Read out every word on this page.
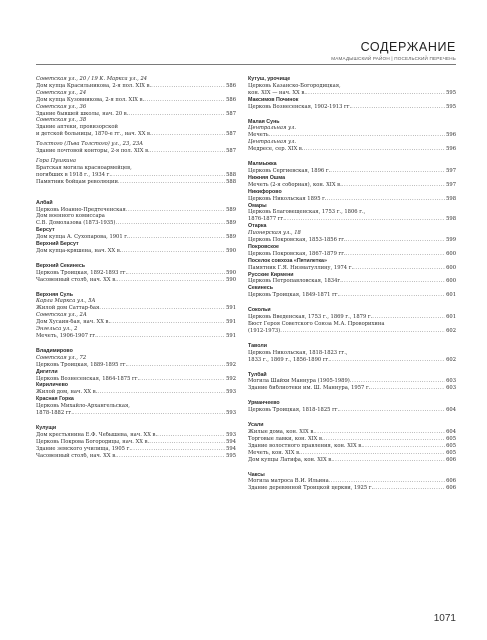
СОДЕРЖАНИЕ
МАМАДЫШСКИЙ РАЙОН | ПОСЕЛЬСКИЙ ПЕРЕЧЕНЬ
Советская ул., 20 / 19 К. Маркса ул., 24
Дом купца Красильникова, 2-я пол. XIX в. .....	586
Советская ул., 24
Дом купца Кузовникова, 2-я пол. XIX в. .....	586
Советская ул., 36
Здание бывшей школы, нач. 20 в. .....	587
Советская ул., 38
Здание аптеки, провизорской
и детской больницы, 1870-е гг., нач. XX в. .....	587
Толстого (Льва Толстого) ул., 23, 23А
Здание почтовой конторы, 2-я пол. XIX в. .....	587
Гора Пушкина
Братская могила красноармейцев,
погибших в 1918 г., 1934 г. .....	588
Памятник бойцам революции .....	588
Албай
Церковь Иоанно-Предтеченская .....	589
Дом военного комиссара
С.В. Домолазова (1873-1935) .....	589
Берсут
Дом купца А. Сухопарова, 1901 г. .....	589
Верхний Берсут
Дом купца-кряшена, нач. XX в. .....	590
Верхний Секинесь
Церковь Троицкая, 1892-1893 гг. .....	590
Часовенный столб, нач. XX в. .....	590
Верхняя Суль
Карла Маркса ул., 5А
Жилой дом Саттар-бая .....	591
Советская ул., 2А
Дом Хусаин-бая, нач. XX в. .....	591
Энгельса ул., 2
Мечеть, 1906-1907 гг. .....	591
Владимирово
Советская ул., 72
Церковь Троицкая, 1889-1895 гг. .....	592
Дигитли
Церковь Вознесенская, 1864-1875 гг. .....	592
Кириличево
Жилой дом, нач. XX в. .....	593
Красная Горка
Церковь Михайло-Архангельская,
1878-1882 гг. .....	593
Кулущи
Дом крестьянина Е.Ф. Чебышева, нач. XX в. .....	593
Церковь Покрова Богородицы, нач. XX в. .....	594
Здание земского училища, 1905 г. .....	594
Часовенный столб, нач. XX в. .....	595
Кутуш, урочище
Церковь Казанско-Богородицкая,
кон. XIX — нач. XX в. .....	595
Максимов Починок
Церковь Вознесенская, 1902-1913 гг. .....	595
Малая Сунь
Центральная ул.
Мечеть .....	596
Центральная ул.
Медресе, сер. XIX в. .....	596
Малмыжка
Церковь Сергиевская, 1896 г. .....	597
Нижняя Ошма
Мечеть (2-я соборная), кон. XIX в. .....	597
Никифорово
Церковь Никольская 1895 г. .....	598
Омары
Церковь Благовещенская, 1753 г., 1806 г.,
1876-1877 гг. .....	598
Отарка
Пионерская ул., 18
Церковь Покровская, 1853-1856 гг. .....	599
Покровское
Церковь Покровская, 1867-1879 гг. .....	600
Поселок совхоза «Пятилетка»
Памятник Г.Я. Низматуллину, 1974 г. .....	600
Русские Кирмени
Церковь Петропавловская, 1834г. .....	600
Секинесь
Церковь Троицкая, 1849-1871 гг. .....	601
Сокольи
Церковь Введенская, 1753 г., 1869 г., 1879 г. .....	601
Бюст Героя Советского Союза М.А. Проворихина
(1912-1973) .....	602
Таволи
Церковь Никольская, 1818-1823 гг.,
1833 г., 1869 г., 1856-1890 гг. .....	602
Тулбай
Могила Шайхи Маннура (1905-1989) .....	603
Здание библиотеки им. Ш. Маннура, 1957 г. .....	603
Урманчеево
Церковь Троицкая, 1818-1825 гг. .....	604
Усали
Жилые дома, кон. XIX в. .....	604
Торговые лавки, кон. XIX в. .....	605
Здание волостного правления, кон. XIX в. .....	605
Мечеть, кон. XIX в. .....	605
Дом купцы Латифа, кон. XIX в. .....	606
Чаксы
Могила матроса В.И. Ильина .....	606
Здание деревянной Троицкой церкви, 1925 г. .....	606
1071
